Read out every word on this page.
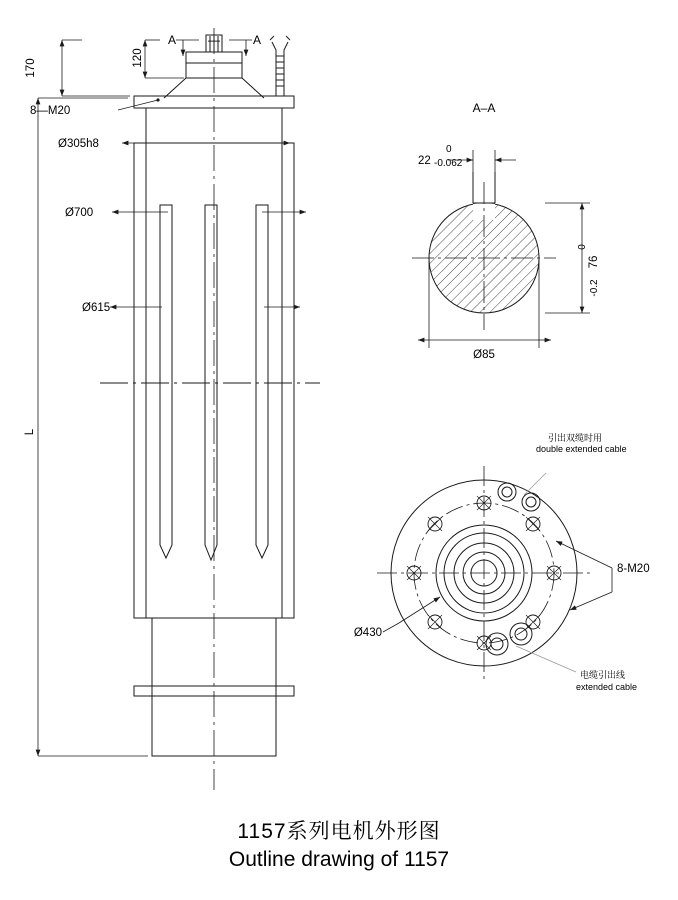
L
170
120
8—M20
Ø305h8
Ø700
Ø615
A	—	A
A–A
22
0
-0.062
76
0
-0.2
Ø85
Ø430
8-M20
引出双缆时用
double extended cable
电缆引出线
extended cable
1157系列电机外形图
Outline drawing of 1157
